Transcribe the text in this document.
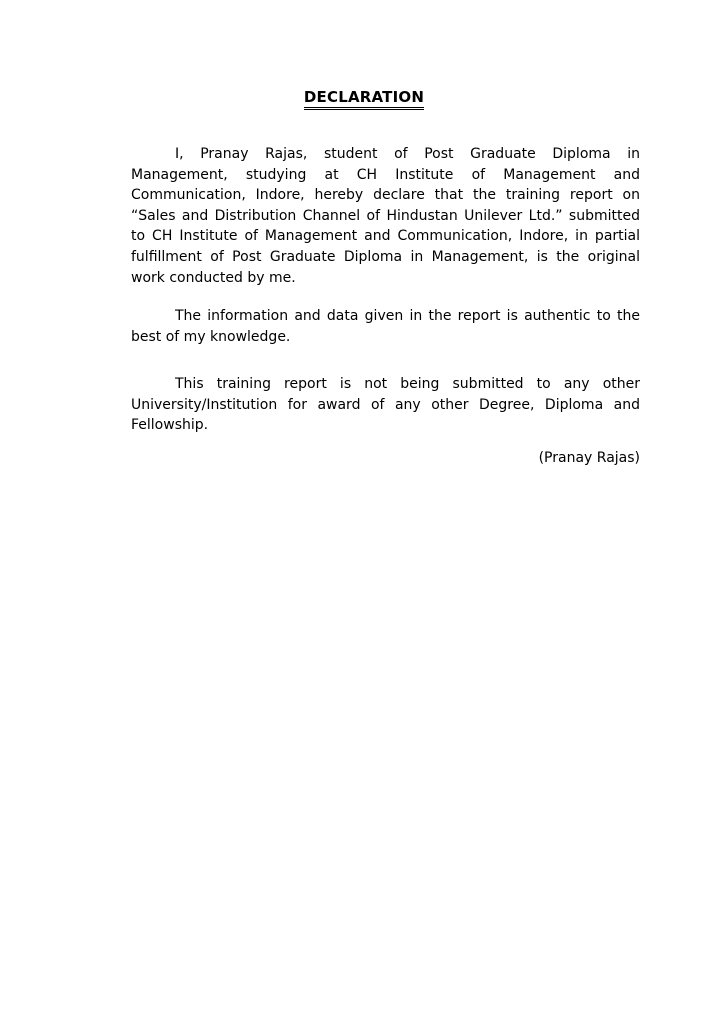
DECLARATION

I, Pranay Rajas, student of Post Graduate Diploma in Management, studying at CH Institute of Management and Communication, Indore, hereby declare that the training report on “Sales and Distribution Channel of Hindustan Unilever Ltd.” submitted to CH Institute of Management and Communication, Indore, in partial fulfillment of Post Graduate Diploma in Management, is the original work conducted by me.

The information and data given in the report is authentic to the best of my knowledge.

This training report is not being submitted to any other University/Institution for award of any other Degree, Diploma and Fellowship.

(Pranay Rajas)
